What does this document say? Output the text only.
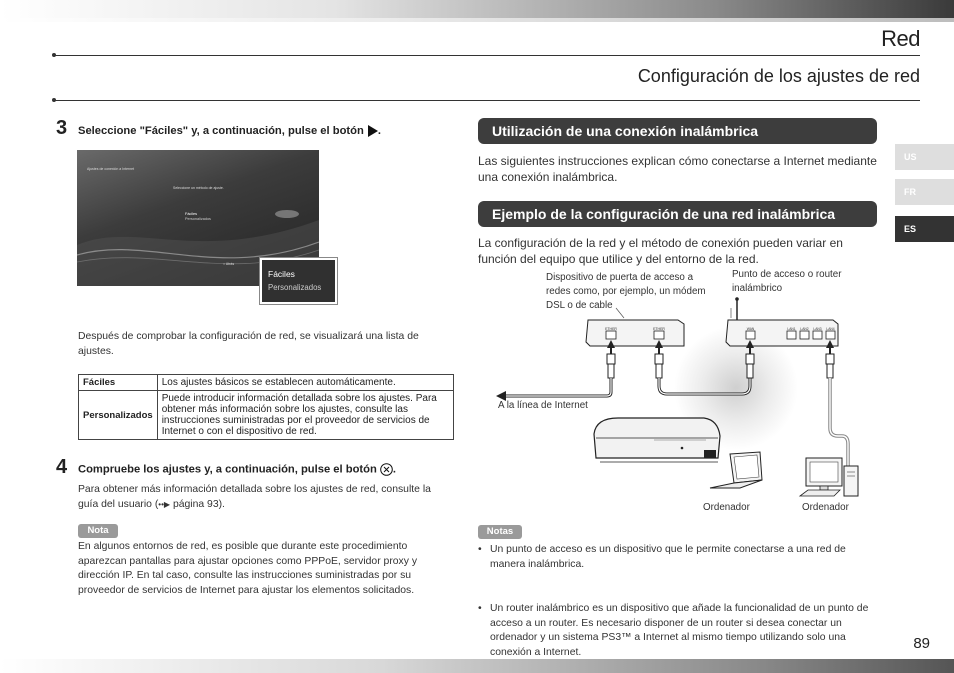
Red
Configuración de los ajustes de red
3 Seleccione "Fáciles" y, a continuación, pulse el botón .
Ajustes de conexión a Internet
Seleccione un método de ajuste.
Fáciles
Personalizados
○ Atrás
Fáciles
Personalizados
Después de comprobar la configuración de red, se visualizará una lista de ajustes.
Fáciles	Los ajustes básicos se establecen automáticamente.
Personalizados	Puede introducir información detallada sobre los ajustes. Para obtener más información sobre los ajustes, consulte las instrucciones suministradas por el proveedor de servicios de Internet o con el dispositivo de red.
4 Compruebe los ajustes y, a continuación, pulse el botón .
Para obtener más información detallada sobre los ajustes de red, consulte la guía del usuario (••▶ página 93).
Nota
En algunos entornos de red, es posible que durante este procedimiento aparezcan pantallas para ajustar opciones como PPPoE, servidor proxy y dirección IP. En tal caso, consulte las instrucciones suministradas por su proveedor de servicios de Internet para ajustar los elementos solicitados.
Utilización de una conexión inalámbrica
Las siguientes instrucciones explican cómo conectarse a Internet mediante una conexión inalámbrica.
Ejemplo de la configuración de una red inalámbrica
La configuración de la red y el método de conexión pueden variar en función del equipo que utilice y del entorno de la red.
Dispositivo de puerta de acceso a redes como, por ejemplo, un módem DSL o de cable
Punto de acceso o router inalámbrico
A la línea de Internet
Ordenador	Ordenador
ETHER	ETHER	WAN	LAN1 LAN2 LAN3 LAN4
Notas
• Un punto de acceso es un dispositivo que le permite conectarse a una red de manera inalámbrica.
• Un router inalámbrico es un dispositivo que añade la funcionalidad de un punto de acceso a un router. Es necesario disponer de un router si desea conectar un ordenador y un sistema PS3™ a Internet al mismo tiempo utilizando solo una conexión a Internet.
US
FR
ES
89
